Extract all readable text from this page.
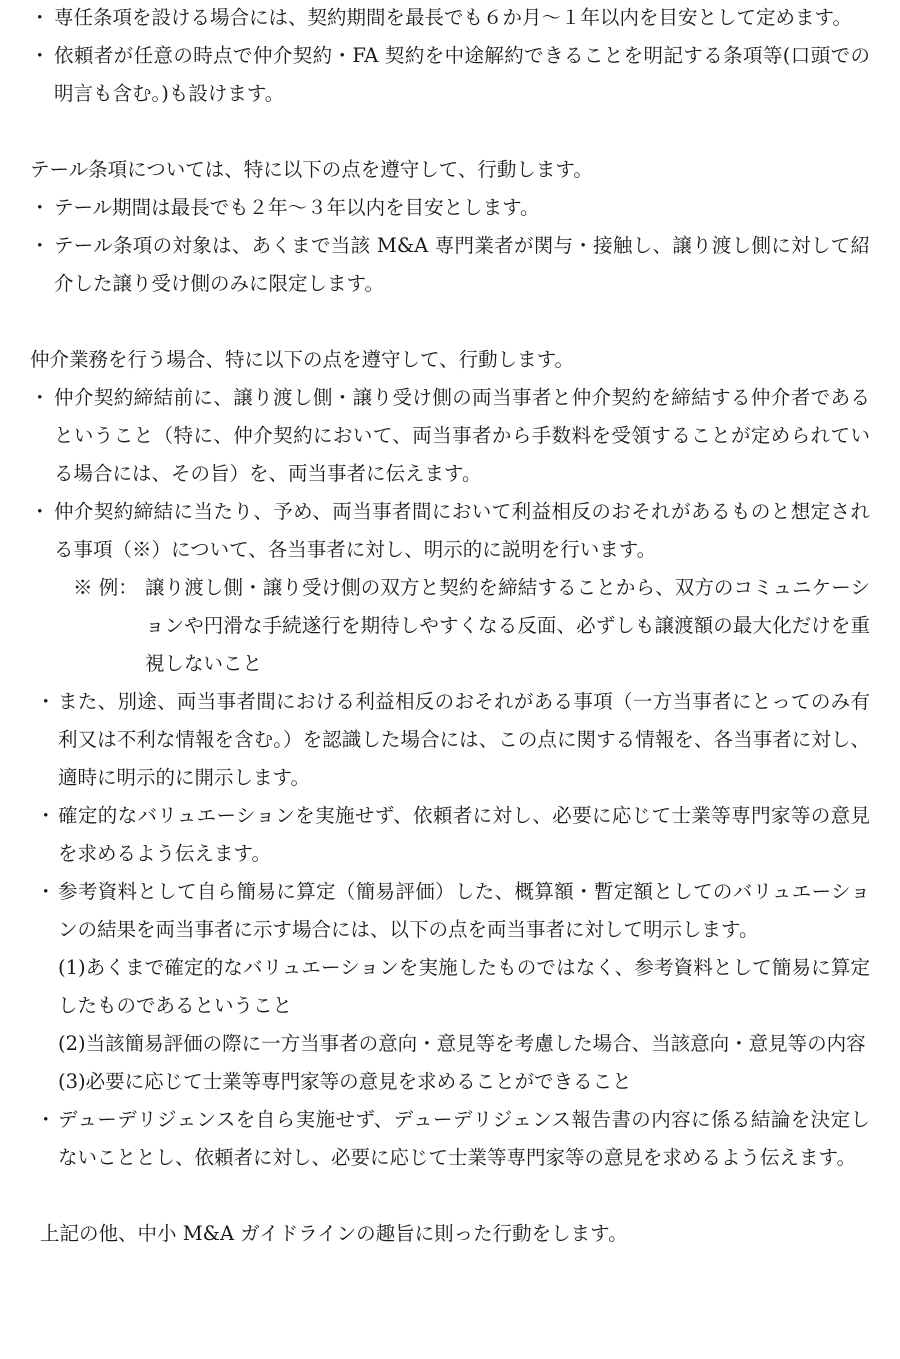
・ 専任条項を設ける場合には、契約期間を最長でも６か月〜１年以内を目安として定めます。

・ 依頼者が任意の時点で仲介契約・FA 契約を中途解約できることを明記する条項等(口頭での 明言も含む。)も設けます。

テール条項については、特に以下の点を遵守して、行動します。

・ テール期間は最長でも２年〜３年以内を目安とします。

・ テール条項の対象は、あくまで当該 M&A 専門業者が関与・接触し、譲り渡し側に対して紹 介した譲り受け側のみに限定します。

仲介業務を行う場合、特に以下の点を遵守して、行動します。

・ 仲介契約締結前に、譲り渡し側・譲り受け側の両当事者と仲介契約を締結する仲介者であるということ（特に、仲介契約において、両当事者から手数料を受領することが定められている場合には、その旨）を、両当事者に伝えます。

・ 仲介契約締結に当たり、予め、両当事者間において利益相反のおそれがあるものと想定される事項（※）について、各当事者に対し、明示的に説明を行います。

※ 例： 譲り渡し側・譲り受け側の双方と契約を締結することから、双方のコミュニケーションや円滑な手続遂行を期待しやすくなる反面、必ずしも譲渡額の最大化だけを重視しないこと

・ また、別途、両当事者間における利益相反のおそれがある事項（一方当事者にとってのみ有利又は不利な情報を含む。）を認識した場合には、この点に関する情報を、各当事者に対し、適時に明示的に開示します。

・ 確定的なバリュエーションを実施せず、依頼者に対し、必要に応じて士業等専門家等の意見を求めるよう伝えます。

・ 参考資料として自ら簡易に算定（簡易評価）した、概算額・暫定額としてのバリュエーションの結果を両当事者に示す場合には、以下の点を両当事者に対して明示します。

(1)あくまで確定的なバリュエーションを実施したものではなく、参考資料として簡易に算定したものであるということ

(2)当該簡易評価の際に一方当事者の意向・意見等を考慮した場合、当該意向・意見等の内容

(3)必要に応じて士業等専門家等の意見を求めることができること

・ デューデリジェンスを自ら実施せず、デューデリジェンス報告書の内容に係る結論を決定しないこととし、依頼者に対し、必要に応じて士業等専門家等の意見を求めるよう伝えます。

上記の他、中小 M&A ガイドラインの趣旨に則った行動をします。
